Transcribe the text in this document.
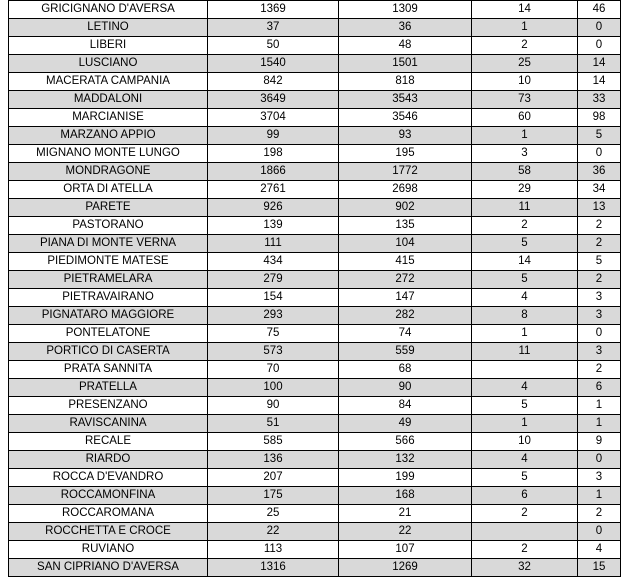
GRICIGNANO D'AVERSA	1369	1309	14	46
LETINO	37	36	1	0
LIBERI	50	48	2	0
LUSCIANO	1540	1501	25	14
MACERATA CAMPANIA	842	818	10	14
MADDALONI	3649	3543	73	33
MARCIANISE	3704	3546	60	98
MARZANO APPIO	99	93	1	5
MIGNANO MONTE LUNGO	198	195	3	0
MONDRAGONE	1866	1772	58	36
ORTA DI ATELLA	2761	2698	29	34
PARETE	926	902	11	13
PASTORANO	139	135	2	2
PIANA DI MONTE VERNA	111	104	5	2
PIEDIMONTE MATESE	434	415	14	5
PIETRAMELARA	279	272	5	2
PIETRAVAIRANO	154	147	4	3
PIGNATARO MAGGIORE	293	282	8	3
PONTELATONE	75	74	1	0
PORTICO DI CASERTA	573	559	11	3
PRATA SANNITA	70	68		2
PRATELLA	100	90	4	6
PRESENZANO	90	84	5	1
RAVISCANINA	51	49	1	1
RECALE	585	566	10	9
RIARDO	136	132	4	0
ROCCA D'EVANDRO	207	199	5	3
ROCCAMONFINA	175	168	6	1
ROCCAROMANA	25	21	2	2
ROCCHETTA E CROCE	22	22		0
RUVIANO	113	107	2	4
SAN CIPRIANO D'AVERSA	1316	1269	32	15
